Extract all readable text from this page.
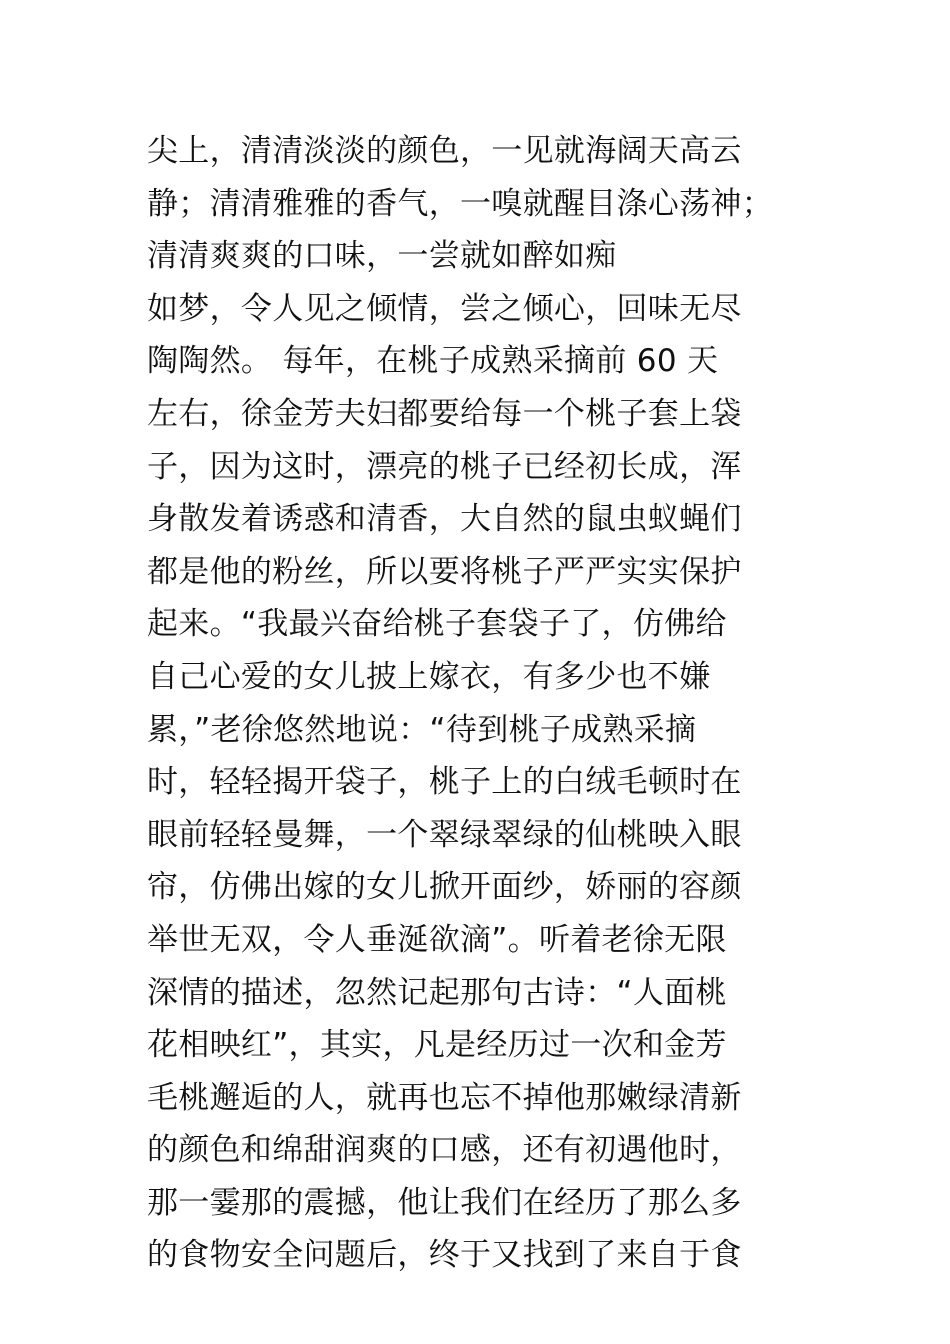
尖上，清清淡淡的颜色，一见就海阔天高云
静；清清雅雅的香气，一嗅就醒目涤心荡神；
清清爽爽的口味，一尝就如醉如痴
如梦，令人见之倾情，尝之倾心，回味无尽
陶陶然。 每年，在桃子成熟采摘前 60 天
左右，徐金芳夫妇都要给每一个桃子套上袋
子，因为这时，漂亮的桃子已经初长成，浑
身散发着诱惑和清香，大自然的鼠虫蚁蝇们
都是他的粉丝，所以要将桃子严严实实保护
起来。“我最兴奋给桃子套袋子了，仿佛给
自己心爱的女儿披上嫁衣，有多少也不嫌
累，”老徐悠然地说：“待到桃子成熟采摘
时，轻轻揭开袋子，桃子上的白绒毛顿时在
眼前轻轻曼舞，一个翠绿翠绿的仙桃映入眼
帘，仿佛出嫁的女儿掀开面纱，娇丽的容颜
举世无双，令人垂涎欲滴”。听着老徐无限
深情的描述，忽然记起那句古诗：“人面桃
花相映红”，其实，凡是经历过一次和金芳
毛桃邂逅的人，就再也忘不掉他那嫩绿清新
的颜色和绵甜润爽的口感，还有初遇他时，
那一霎那的震撼，他让我们在经历了那么多
的食物安全问题后，终于又找到了来自于食
